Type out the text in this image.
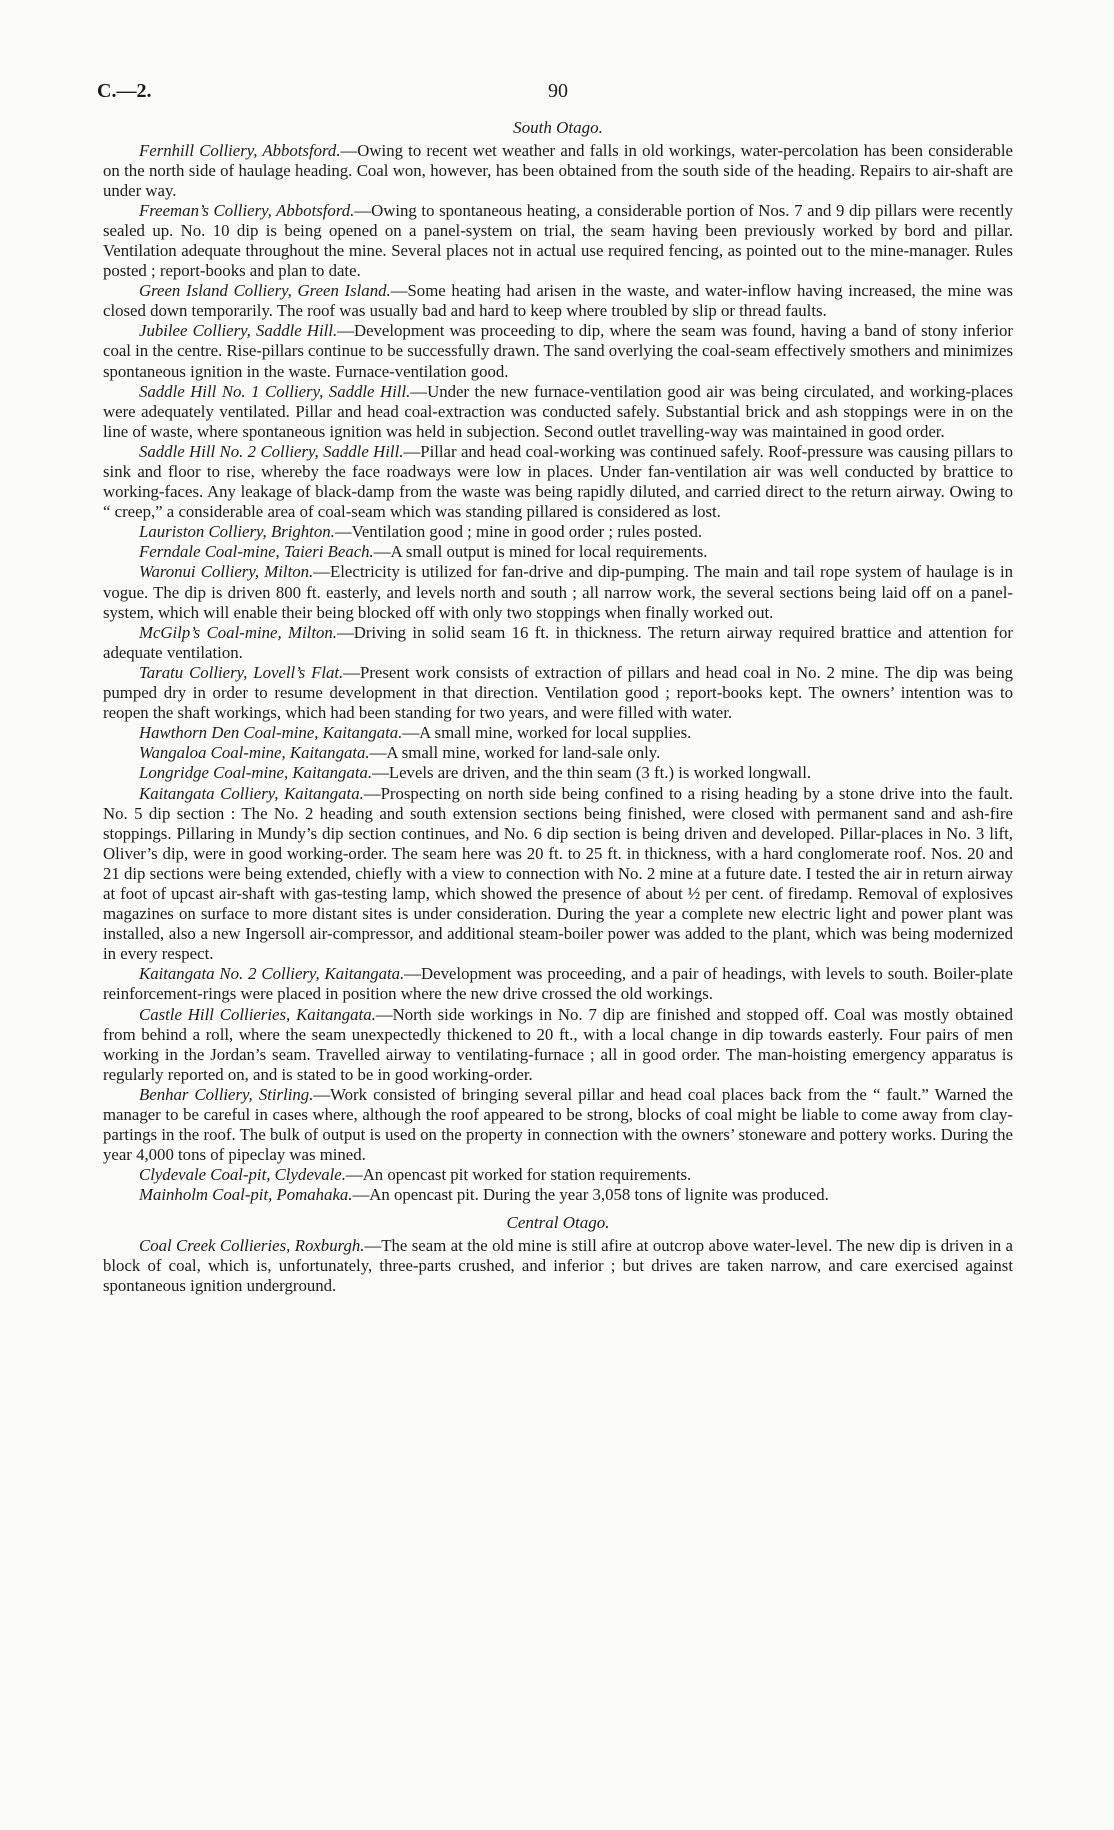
C.—2.	90
South Otago.

Fernhill Colliery, Abbotsford.—Owing to recent wet weather and falls in old workings, water-percolation has been considerable on the north side of haulage heading. Coal won, however, has been obtained from the south side of the heading. Repairs to air-shaft are under way.

Freeman’s Colliery, Abbotsford.—Owing to spontaneous heating, a considerable portion of Nos. 7 and 9 dip pillars were recently sealed up. No. 10 dip is being opened on a panel-system on trial, the seam having been previously worked by bord and pillar. Ventilation adequate throughout the mine. Several places not in actual use required fencing, as pointed out to the mine-manager. Rules posted ; report-books and plan to date.

Green Island Colliery, Green Island.—Some heating had arisen in the waste, and water-inflow having increased, the mine was closed down temporarily. The roof was usually bad and hard to keep where troubled by slip or thread faults.

Jubilee Colliery, Saddle Hill.—Development was proceeding to dip, where the seam was found, having a band of stony inferior coal in the centre. Rise-pillars continue to be successfully drawn. The sand overlying the coal-seam effectively smothers and minimizes spontaneous ignition in the waste. Furnace-ventilation good.

Saddle Hill No. 1 Colliery, Saddle Hill.—Under the new furnace-ventilation good air was being circulated, and working-places were adequately ventilated. Pillar and head coal-extraction was conducted safely. Substantial brick and ash stoppings were in on the line of waste, where spontaneous ignition was held in subjection. Second outlet travelling-way was maintained in good order.

Saddle Hill No. 2 Colliery, Saddle Hill.—Pillar and head coal-working was continued safely. Roof-pressure was causing pillars to sink and floor to rise, whereby the face roadways were low in places. Under fan-ventilation air was well conducted by brattice to working-faces. Any leakage of black-damp from the waste was being rapidly diluted, and carried direct to the return airway. Owing to “ creep,” a considerable area of coal-seam which was standing pillared is considered as lost.

Lauriston Colliery, Brighton.—Ventilation good ; mine in good order ; rules posted.

Ferndale Coal-mine, Taieri Beach.—A small output is mined for local requirements.

Waronui Colliery, Milton.—Electricity is utilized for fan-drive and dip-pumping. The main and tail rope system of haulage is in vogue. The dip is driven 800 ft. easterly, and levels north and south ; all narrow work, the several sections being laid off on a panel-system, which will enable their being blocked off with only two stoppings when finally worked out.

McGilp’s Coal-mine, Milton.—Driving in solid seam 16 ft. in thickness. The return airway required brattice and attention for adequate ventilation.

Taratu Colliery, Lovell’s Flat.—Present work consists of extraction of pillars and head coal in No. 2 mine. The dip was being pumped dry in order to resume development in that direction. Ventilation good ; report-books kept. The owners’ intention was to reopen the shaft workings, which had been standing for two years, and were filled with water.

Hawthorn Den Coal-mine, Kaitangata.—A small mine, worked for local supplies.

Wangaloa Coal-mine, Kaitangata.—A small mine, worked for land-sale only.

Longridge Coal-mine, Kaitangata.—Levels are driven, and the thin seam (3 ft.) is worked longwall.

Kaitangata Colliery, Kaitangata.—Prospecting on north side being confined to a rising heading by a stone drive into the fault. No. 5 dip section : The No. 2 heading and south extension sections being finished, were closed with permanent sand and ash-fire stoppings. Pillaring in Mundy’s dip section continues, and No. 6 dip section is being driven and developed. Pillar-places in No. 3 lift, Oliver’s dip, were in good working-order. The seam here was 20 ft. to 25 ft. in thickness, with a hard conglomerate roof. Nos. 20 and 21 dip sections were being extended, chiefly with a view to connection with No. 2 mine at a future date. I tested the air in return airway at foot of upcast air-shaft with gas-testing lamp, which showed the presence of about ½ per cent. of firedamp. Removal of explosives magazines on surface to more distant sites is under consideration. During the year a complete new electric light and power plant was installed, also a new Ingersoll air-compressor, and additional steam-boiler power was added to the plant, which was being modernized in every respect.

Kaitangata No. 2 Colliery, Kaitangata.—Development was proceeding, and a pair of headings, with levels to south. Boiler-plate reinforcement-rings were placed in position where the new drive crossed the old workings.

Castle Hill Collieries, Kaitangata.—North side workings in No. 7 dip are finished and stopped off. Coal was mostly obtained from behind a roll, where the seam unexpectedly thickened to 20 ft., with a local change in dip towards easterly. Four pairs of men working in the Jordan’s seam. Travelled airway to ventilating-furnace ; all in good order. The man-hoisting emergency apparatus is regularly reported on, and is stated to be in good working-order.

Benhar Colliery, Stirling.—Work consisted of bringing several pillar and head coal places back from the “ fault.” Warned the manager to be careful in cases where, although the roof appeared to be strong, blocks of coal might be liable to come away from clay-partings in the roof. The bulk of output is used on the property in connection with the owners’ stoneware and pottery works. During the year 4,000 tons of pipeclay was mined.

Clydevale Coal-pit, Clydevale.—An opencast pit worked for station requirements.

Mainholm Coal-pit, Pomahaka.—An opencast pit. During the year 3,058 tons of lignite was produced.

Central Otago.

Coal Creek Collieries, Roxburgh.—The seam at the old mine is still afire at outcrop above water-level. The new dip is driven in a block of coal, which is, unfortunately, three-parts crushed, and inferior ; but drives are taken narrow, and care exercised against spontaneous ignition underground.
